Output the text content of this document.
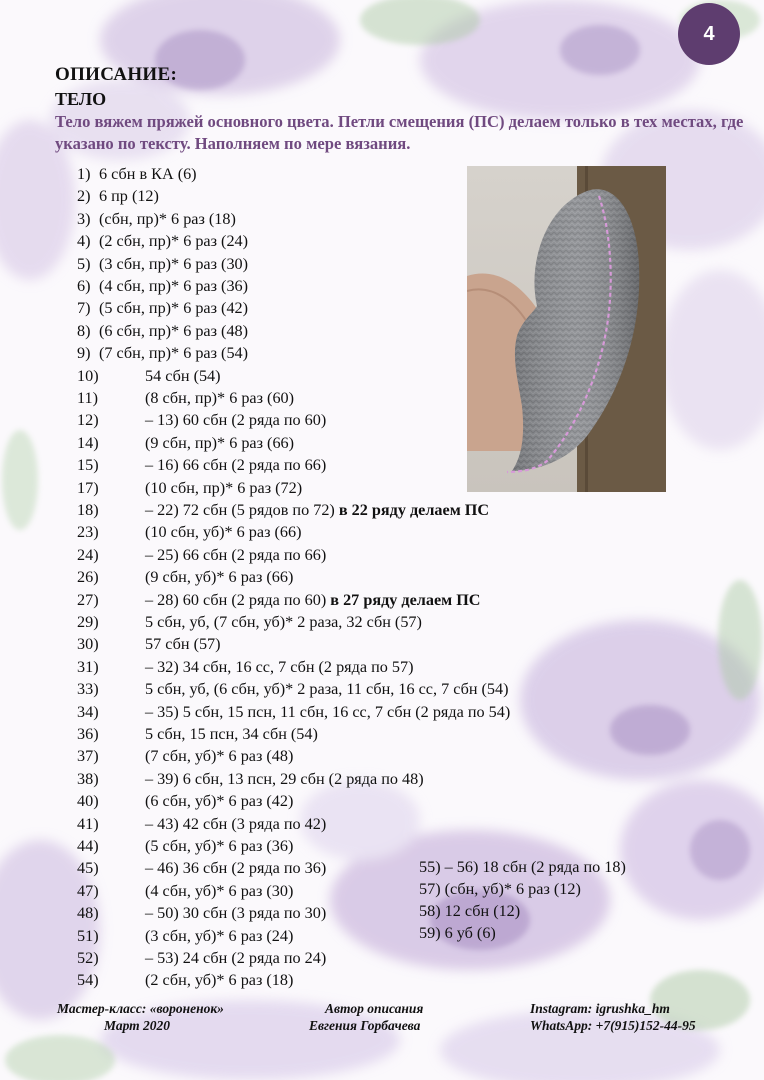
4
ОПИСАНИЕ:
ТЕЛО
Тело вяжем пряжей основного цвета. Петли смещения (ПС) делаем только в тех местах, где указано по тексту. Наполняем по мере вязания.
1) 6 сбн в КА (6)
2) 6 пр (12)
3) (сбн, пр)* 6 раз (18)
4) (2 сбн, пр)* 6 раз (24)
5) (3 сбн, пр)* 6 раз (30)
6) (4 сбн, пр)* 6 раз (36)
7) (5 сбн, пр)* 6 раз (42)
8) (6 сбн, пр)* 6 раз (48)
9) (7 сбн, пр)* 6 раз (54)
10)	54 сбн (54)
11)	(8 сбн, пр)* 6 раз (60)
12)	– 13) 60 сбн (2 ряда по 60)
14)	(9 сбн, пр)* 6 раз (66)
15)	– 16) 66 сбн (2 ряда по 66)
17)	(10 сбн, пр)* 6 раз (72)
18)	– 22) 72 сбн (5 рядов по 72) в 22 ряду делаем ПС
23)	(10 сбн, уб)* 6 раз (66)
24)	– 25) 66 сбн (2 ряда по 66)
26)	(9 сбн, уб)* 6 раз (66)
27)	– 28) 60 сбн (2 ряда по 60) в 27 ряду делаем ПС
29)	5 сбн, уб, (7 сбн, уб)* 2 раза, 32 сбн (57)
30)	57 сбн (57)
31)	– 32) 34 сбн, 16 сс, 7 сбн (2 ряда по 57)
33)	5 сбн, уб, (6 сбн, уб)* 2 раза, 11 сбн, 16 сс, 7 сбн (54)
34)	– 35) 5 сбн, 15 псн, 11 сбн, 16 сс, 7 сбн (2 ряда по 54)
36)	5 сбн, 15 псн, 34 сбн (54)
37)	(7 сбн, уб)* 6 раз (48)
38)	– 39) 6 сбн, 13 псн, 29 сбн (2 ряда по 48)
40)	(6 сбн, уб)* 6 раз (42)
41)	– 43) 42 сбн (3 ряда по 42)
44)	(5 сбн, уб)* 6 раз (36)
45)	– 46) 36 сбн (2 ряда по 36)
47)	(4 сбн, уб)* 6 раз (30)
48)	– 50) 30 сбн (3 ряда по 30)
51)	(3 сбн, уб)* 6 раз (24)
52)	– 53) 24 сбн (2 ряда по 24)
54)	(2 сбн, уб)* 6 раз (18)
55) – 56) 18 сбн (2 ряда по 18)
57) (сбн, уб)* 6 раз (12)
58) 12 сбн (12)
59) 6 уб (6)
Мастер-класс: «вороненок»
Март 2020
Автор описания
Евгения Горбачева
Instagram: igrushka_hm
WhatsApp: +7(915)152-44-95
